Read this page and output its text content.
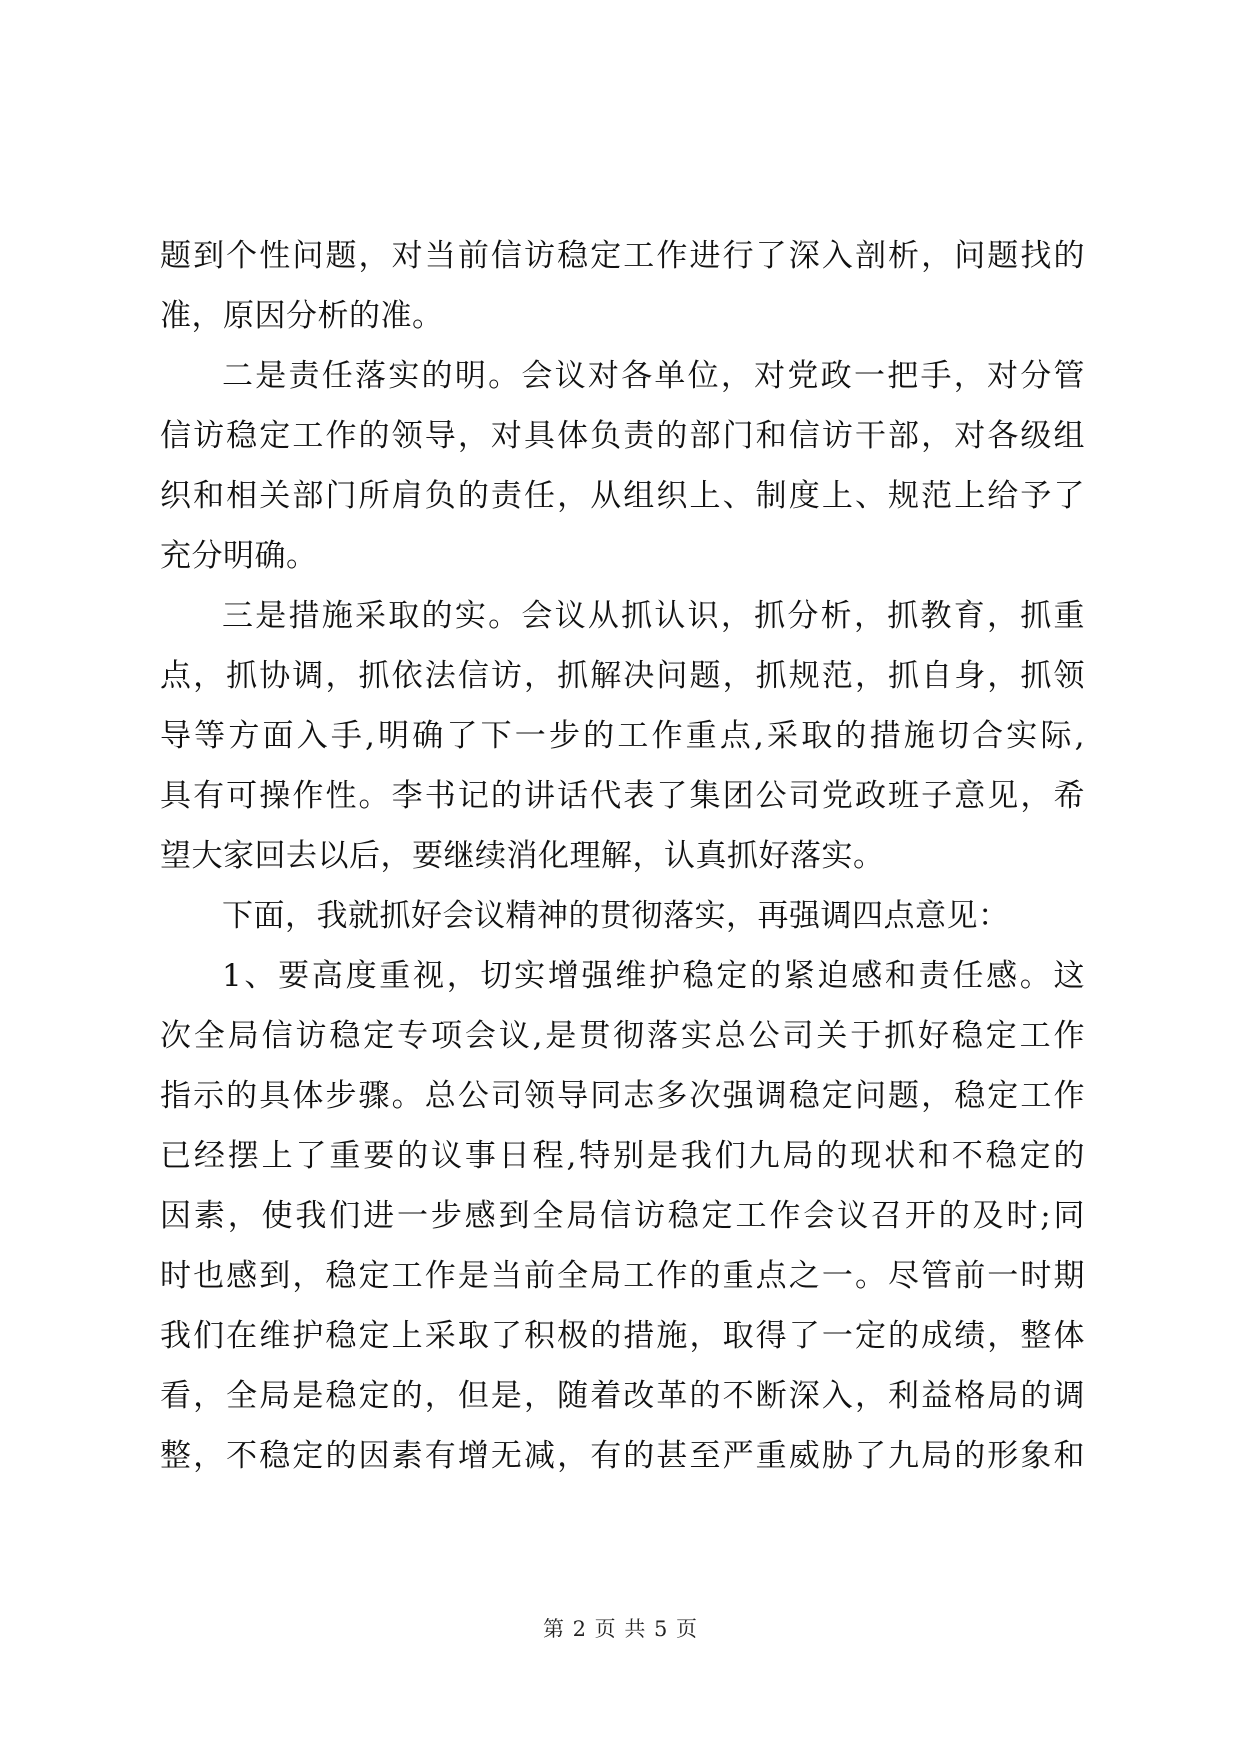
题到个性问题，对当前信访稳定工作进行了深入剖析，问题找的
准，原因分析的准。
二是责任落实的明。会议对各单位，对党政一把手，对分管
信访稳定工作的领导，对具体负责的部门和信访干部，对各级组
织和相关部门所肩负的责任，从组织上、制度上、规范上给予了
充分明确。
三是措施采取的实。会议从抓认识，抓分析，抓教育，抓重
点，抓协调，抓依法信访，抓解决问题，抓规范，抓自身，抓领
导等方面入手,明确了下一步的工作重点,采取的措施切合实际,
具有可操作性。李书记的讲话代表了集团公司党政班子意见，希
望大家回去以后，要继续消化理解，认真抓好落实。
下面，我就抓好会议精神的贯彻落实，再强调四点意见：
1、要高度重视，切实增强维护稳定的紧迫感和责任感。这
次全局信访稳定专项会议,是贯彻落实总公司关于抓好稳定工作
指示的具体步骤。总公司领导同志多次强调稳定问题，稳定工作
已经摆上了重要的议事日程,特别是我们九局的现状和不稳定的
因素，使我们进一步感到全局信访稳定工作会议召开的及时;同
时也感到，稳定工作是当前全局工作的重点之一。尽管前一时期
我们在维护稳定上采取了积极的措施，取得了一定的成绩，整体
看，全局是稳定的，但是，随着改革的不断深入，利益格局的调
整，不稳定的因素有增无减，有的甚至严重威胁了九局的形象和
第 2 页 共 5 页
